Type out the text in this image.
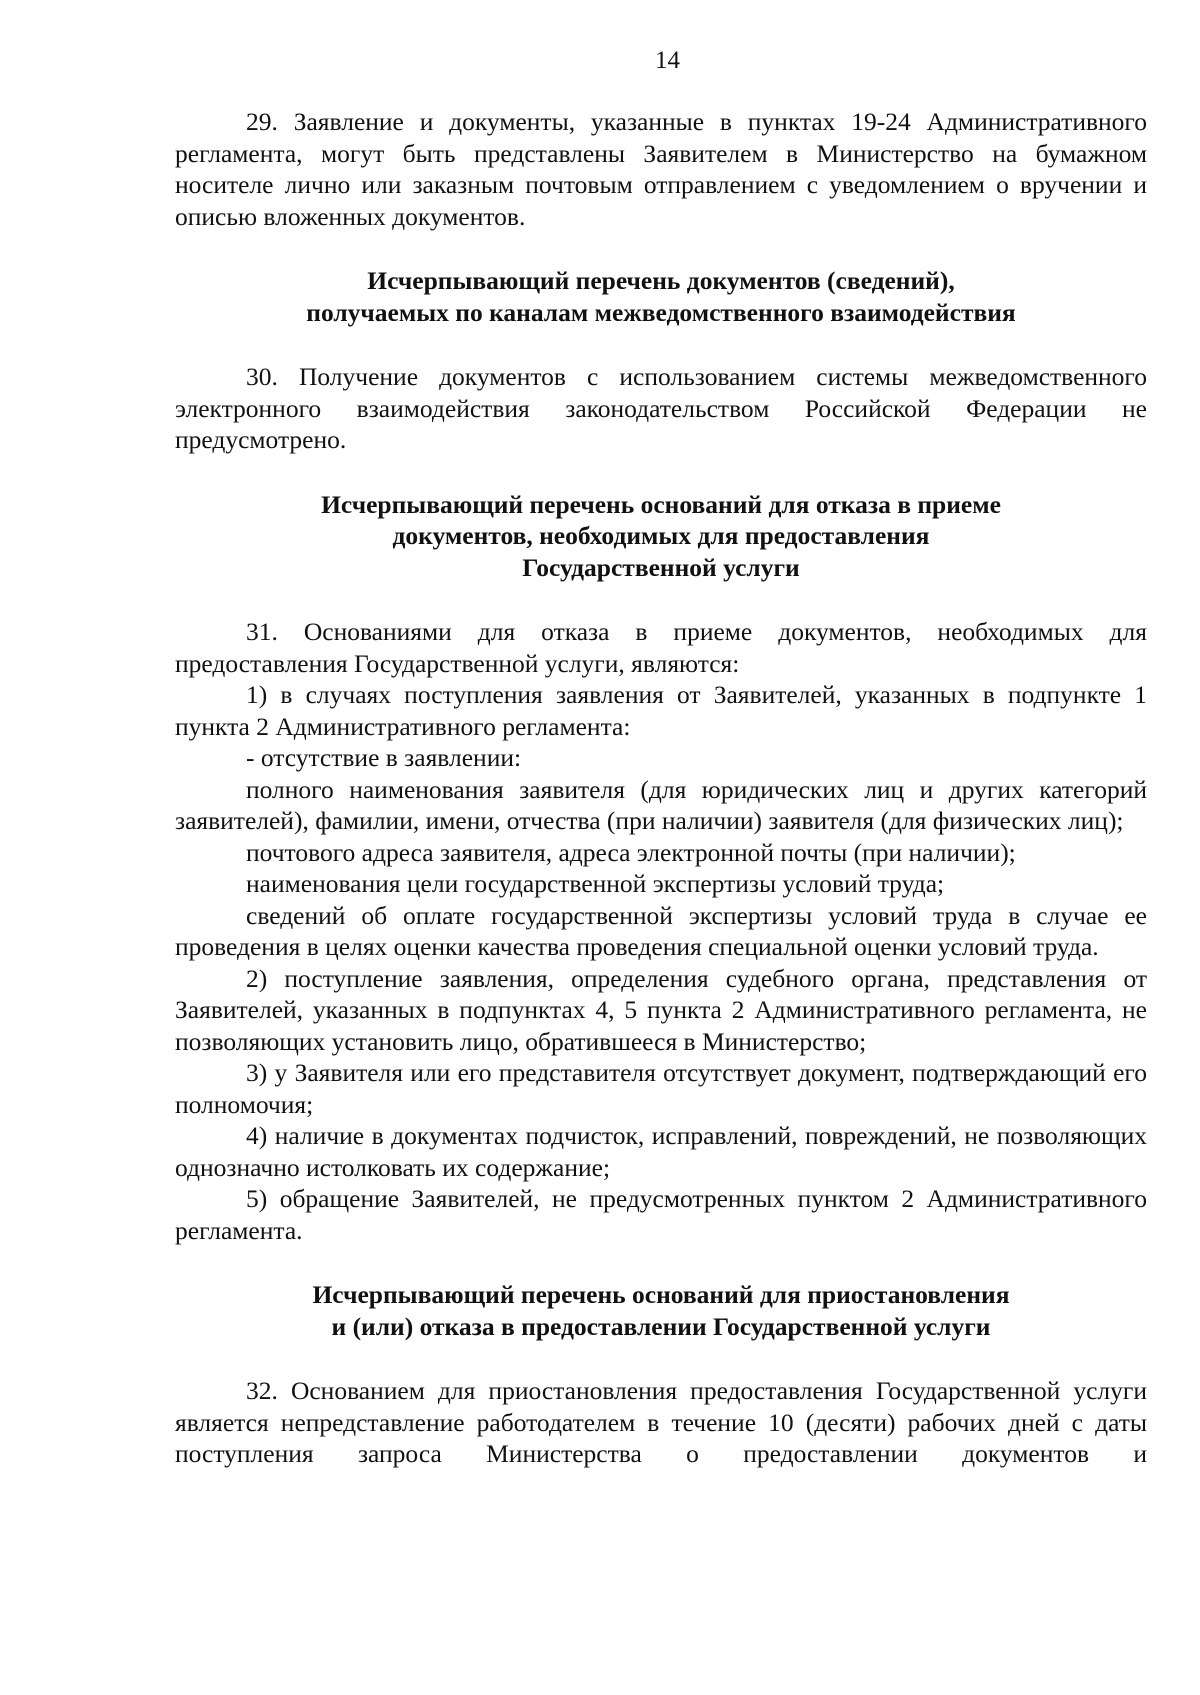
14

29. Заявление и документы, указанные в пунктах 19-24 Административного регламента, могут быть представлены Заявителем в Министерство на бумажном носителе лично или заказным почтовым отправлением с уведомлением о вручении и описью вложенных документов.

Исчерпывающий перечень документов (сведений),
получаемых по каналам межведомственного взаимодействия

30. Получение документов с использованием системы межведомственного электронного взаимодействия законодательством Российской Федерации не предусмотрено.

Исчерпывающий перечень оснований для отказа в приеме
документов, необходимых для предоставления
Государственной услуги

31. Основаниями для отказа в приеме документов, необходимых для предоставления Государственной услуги, являются:

1) в случаях поступления заявления от Заявителей, указанных в подпункте 1 пункта 2 Административного регламента:

- отсутствие в заявлении:

полного наименования заявителя (для юридических лиц и других категорий заявителей), фамилии, имени, отчества (при наличии) заявителя (для физических лиц);

почтового адреса заявителя, адреса электронной почты (при наличии);

наименования цели государственной экспертизы условий труда;

сведений об оплате государственной экспертизы условий труда в случае ее проведения в целях оценки качества проведения специальной оценки условий труда.

2) поступление заявления, определения судебного органа, представления от Заявителей, указанных в подпунктах 4, 5 пункта 2 Административного регламента, не позволяющих установить лицо, обратившееся в Министерство;

3) у Заявителя или его представителя отсутствует документ, подтверждающий его полномочия;

4) наличие в документах подчисток, исправлений, повреждений, не позволяющих однозначно истолковать их содержание;

5) обращение Заявителей, не предусмотренных пунктом 2 Административного регламента.

Исчерпывающий перечень оснований для приостановления
и (или) отказа в предоставлении Государственной услуги

32. Основанием для приостановления предоставления Государственной услуги является непредставление работодателем в течение 10 (десяти) рабочих дней с даты поступления запроса Министерства о предоставлении документов и
